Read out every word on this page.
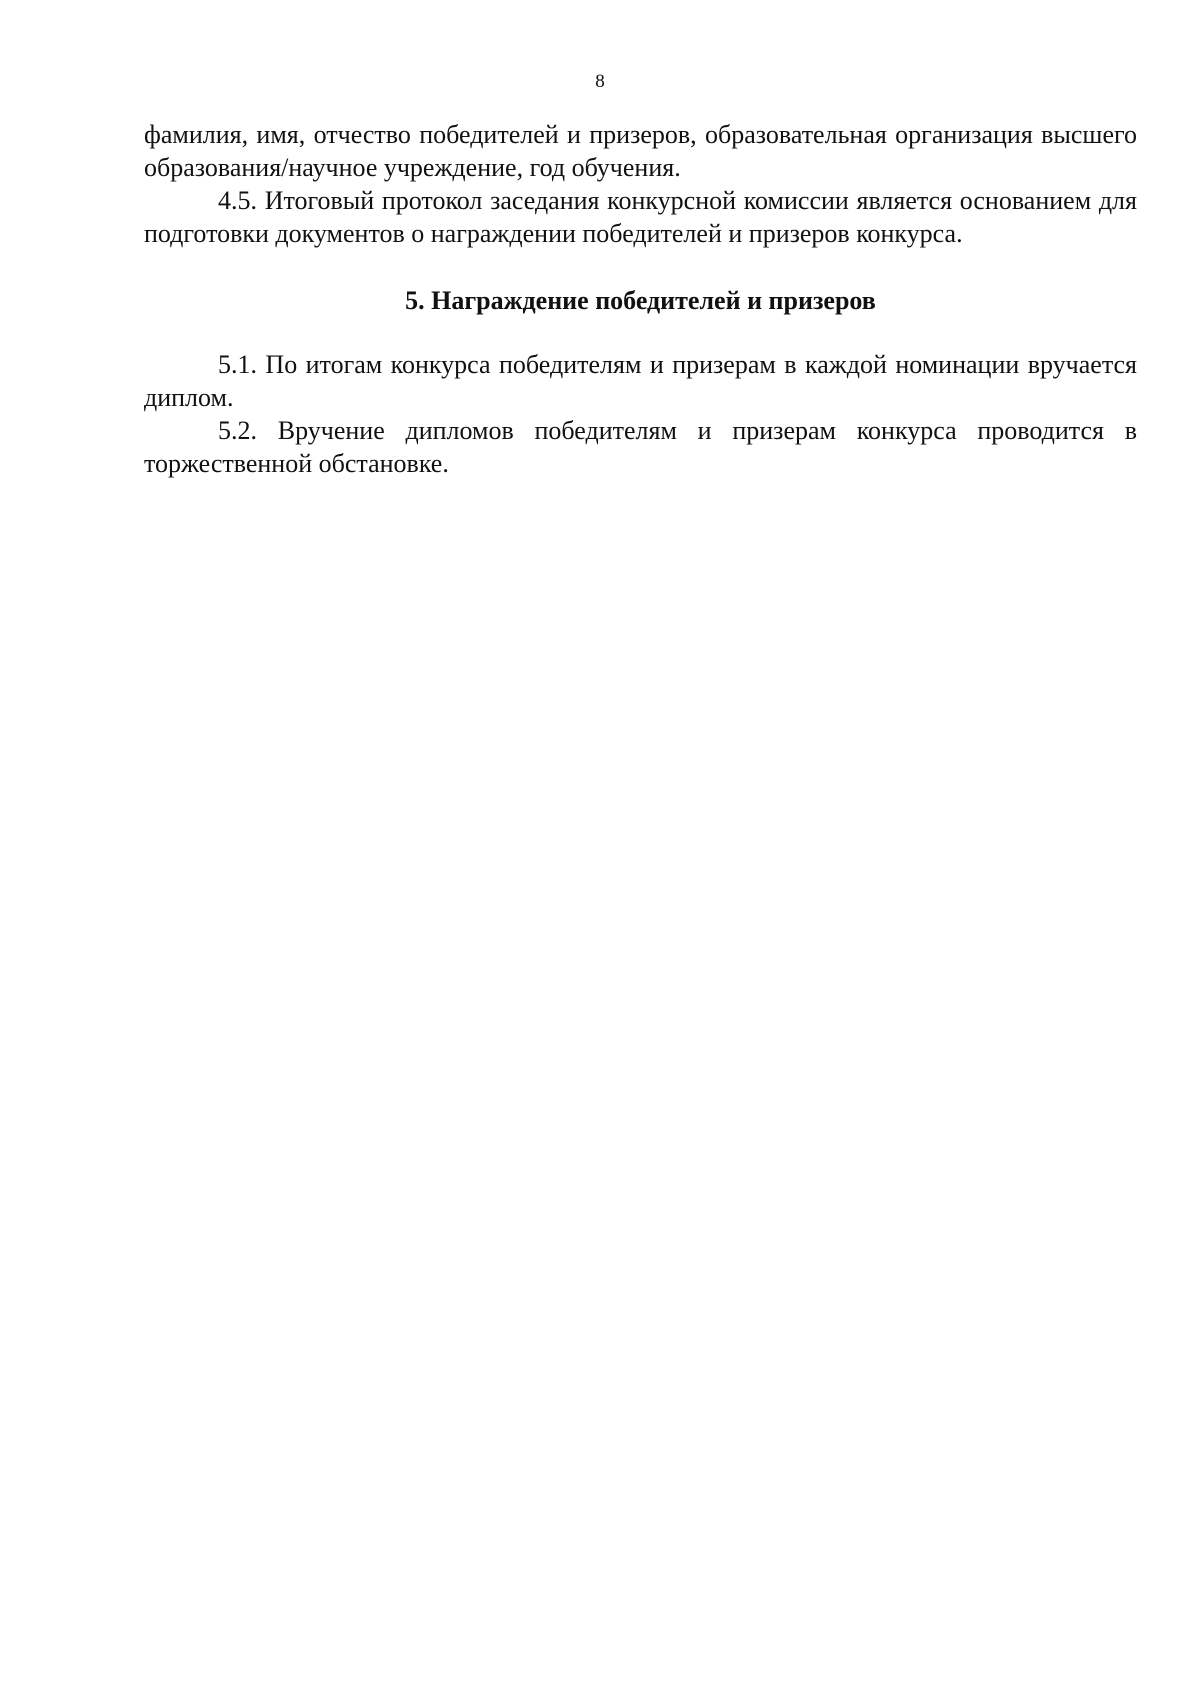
8

фамилия, имя, отчество победителей и призеров, образовательная организация высшего образования/научное учреждение, год обучения.

4.5. Итоговый протокол заседания конкурсной комиссии является основанием для подготовки документов о награждении победителей и призеров конкурса.

5. Награждение победителей и призеров

5.1. По итогам конкурса победителям и призерам в каждой номинации вручается диплом.

5.2. Вручение дипломов победителям и призерам конкурса проводится в торжественной обстановке.
